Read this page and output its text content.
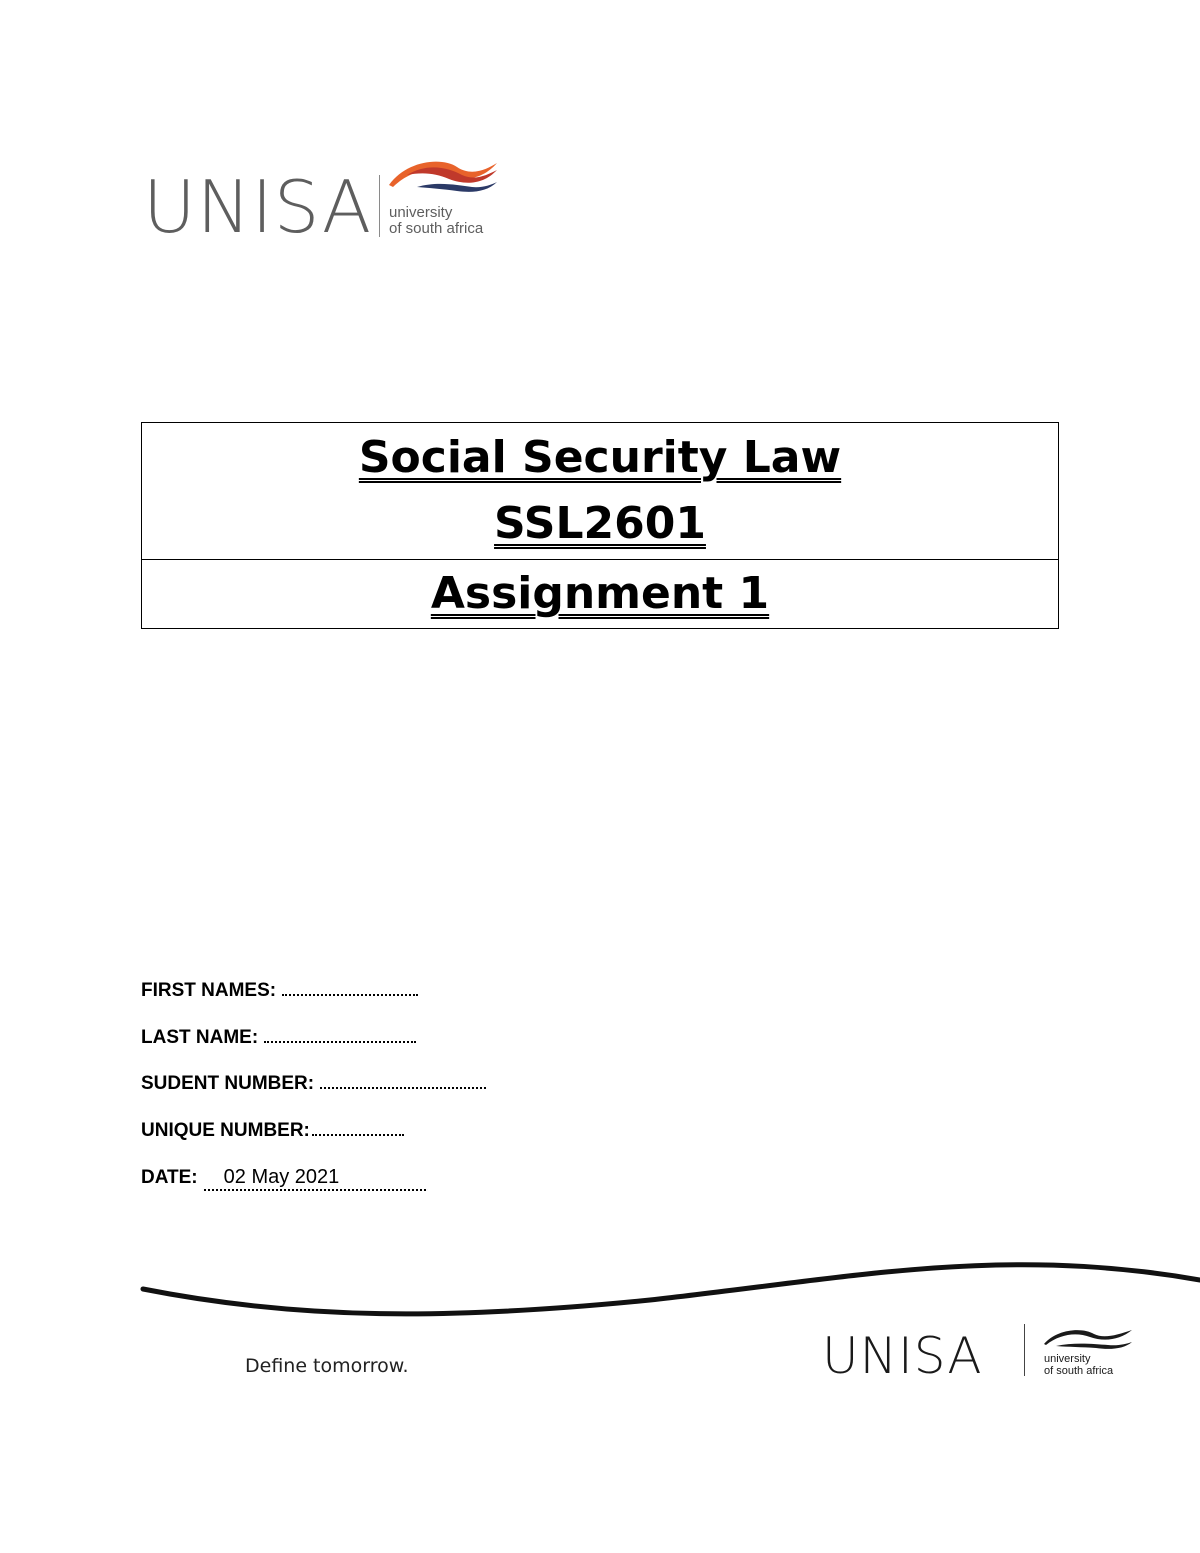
UNISA university
of south africa
Social Security Law
SSL2601

Assignment 1
FIRST NAMES:
LAST NAME:
SUDENT NUMBER:
UNIQUE NUMBER:
DATE: 02 May 2021
Define tomorrow.	UNISA	university
of south africa
